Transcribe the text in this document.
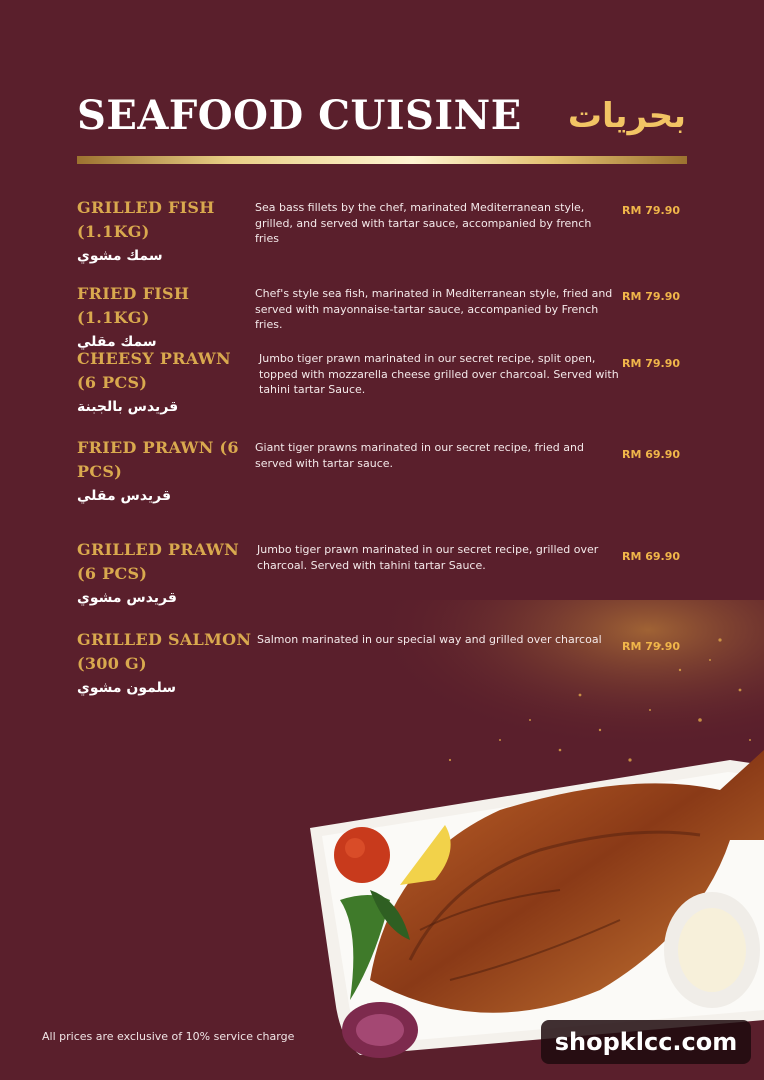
SEAFOOD CUISINE بحريات
GRILLED FISH (1.1KG)
سمك مشوي
Sea bass fillets by the chef, marinated Mediterranean style, grilled, and served with tartar sauce, accompanied by french fries
RM 79.90
FRIED FISH (1.1KG)
سمك مقلي
Chef's style sea fish, marinated in Mediterranean style, fried and served with mayonnaise-tartar sauce, accompanied by French fries.
RM 79.90
CHEESY PRAWN (6 PCS)
قريدس بالجبنة
Jumbo tiger prawn marinated in our secret recipe, split open, topped with mozzarella cheese grilled over charcoal. Served with tahini tartar Sauce.
RM 79.90
FRIED PRAWN (6 PCS)
قريدس مقلي
Giant tiger prawns marinated in our secret recipe, fried and served with tartar sauce.
RM 69.90
GRILLED PRAWN (6 PCS)
قريدس مشوي
Jumbo tiger prawn marinated in our secret recipe, grilled over charcoal. Served with tahini tartar Sauce.
RM 69.90
GRILLED SALMON (300 G)
سلمون مشوي
Salmon marinated in our special way and grilled over charcoal
RM 79.90
All prices are exclusive of 10% service charge	shopklcc.com
